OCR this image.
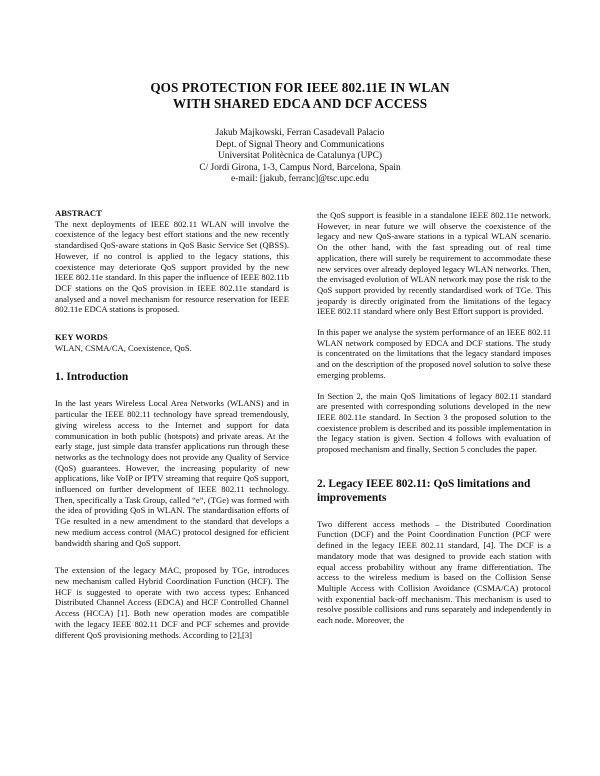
QOS PROTECTION FOR IEEE 802.11E IN WLAN
WITH SHARED EDCA AND DCF ACCESS
Jakub Majkowski, Ferran Casadevall Palacio
Dept. of Signal Theory and Communications
Universitat Politècnica de Catalunya (UPC)
C/ Jordi Girona, 1-3, Campus Nord, Barcelona, Spain
e-mail: [jakub, ferranc]@tsc.upc.edu
ABSTRACT

The next deployments of IEEE 802.11 WLAN will involve the coexistence of the legacy best effort stations and the new recently standardised QoS-aware stations in QoS Basic Service Set (QBSS). However, if no control is applied to the legacy stations, this coexistence may deteriorate QoS support provided by the new IEEE 802.11e standard. In this paper the influence of IEEE 802.11b DCF stations on the QoS provision in IEEE 802.11e standard is analysed and a novel mechanism for resource reservation for IEEE 802.11e EDCA stations is proposed.

KEY WORDS

WLAN, CSMA/CA, Coexistence, QoS.

1. Introduction

In the last years Wireless Local Area Networks (WLANS) and in particular the IEEE 802.11 technology have spread tremendously, giving wireless access to the Internet and support for data communication in both public (hotspots) and private areas. At the early stage, just simple data transfer applications run through these networks as the technology does not provide any Quality of Service (QoS) guarantees. However, the increasing popularity of new applications, like VoIP or IPTV streaming that require QoS support, influenced on further development of IEEE 802.11 technology. Then, specifically a Task Group, called “e”, (TGe) was formed with the idea of providing QoS in WLAN. The standardisation efforts of TGe resulted in a new amendment to the standard that develops a new medium access control (MAC) protocol designed for efficient bandwidth sharing and QoS support.

The extension of the legacy MAC, proposed by TGe, introduces new mechanism called Hybrid Coordination Function (HCF). The HCF is suggested to operate with two access types: Enhanced Distributed Channel Access (EDCA) and HCF Controlled Channel Access (HCCA) [1]. Both new operation modes are compatible with the legacy IEEE 802.11 DCF and PCF schemes and provide different QoS provisioning methods. According to [2],[3]

the QoS support is feasible in a standalone IEEE 802.11e network. However, in near future we will observe the coexistence of the legacy and new QoS-aware stations in a typical WLAN scenario. On the other hand, with the fast spreading out of real time application, there will surely be requirement to accommodate these new services over already deployed legacy WLAN networks. Then, the envisaged evolution of WLAN network may pose the risk to the QoS support provided by recently standardised work of TGe. This jeopardy is directly originated from the limitations of the legacy IEEE 802.11 standard where only Best Effort support is provided.

In this paper we analyse the system performance of an IEEE 802.11 WLAN network composed by EDCA and DCF stations. The study is concentrated on the limitations that the legacy standard imposes and on the description of the proposed novel solution to solve these emerging problems.

In Section 2, the main QoS limitations of legacy 802.11 standard are presented with corresponding solutions developed in the new IEEE 802.11e standard. In Section 3 the proposed solution to the coexistence problem is described and its possible implementation in the legacy station is given. Section 4 follows with evaluation of proposed mechanism and finally, Section 5 concludes the paper.

2. Legacy IEEE 802.11: QoS limitations and improvements

Two different access methods – the Distributed Coordination Function (DCF) and the Point Coordination Function (PCF were defined in the legacy IEEE 802.11 standard, [4]. The DCF is a mandatory mode that was designed to provide each station with equal access probability without any frame differentiation. The access to the wireless medium is based on the Collision Sense Multiple Access with Collision Avoidance (CSMA/CA) protocol with exponential back-off mechanism. This mechanism is used to resolve possible collisions and runs separately and independently in each node. Moreover, the
